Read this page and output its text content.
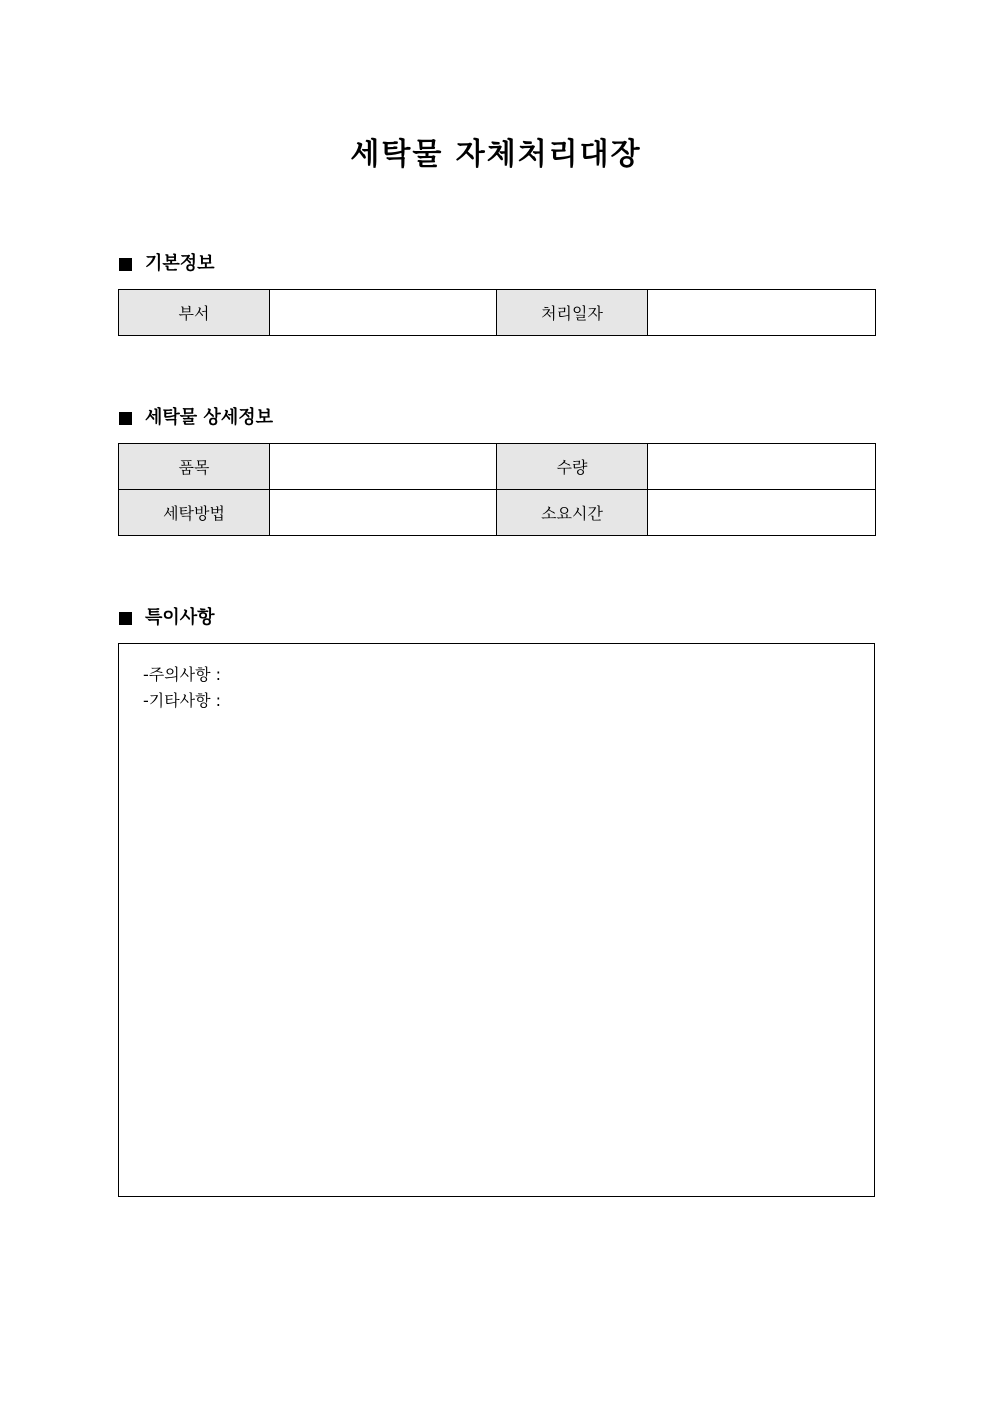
세탁물 자체처리대장
기본정보
부서		처리일자	
세탁물 상세정보
품목		수량	
세탁방법		소요시간	
특이사항
-주의사항 :
-기타사항 :
